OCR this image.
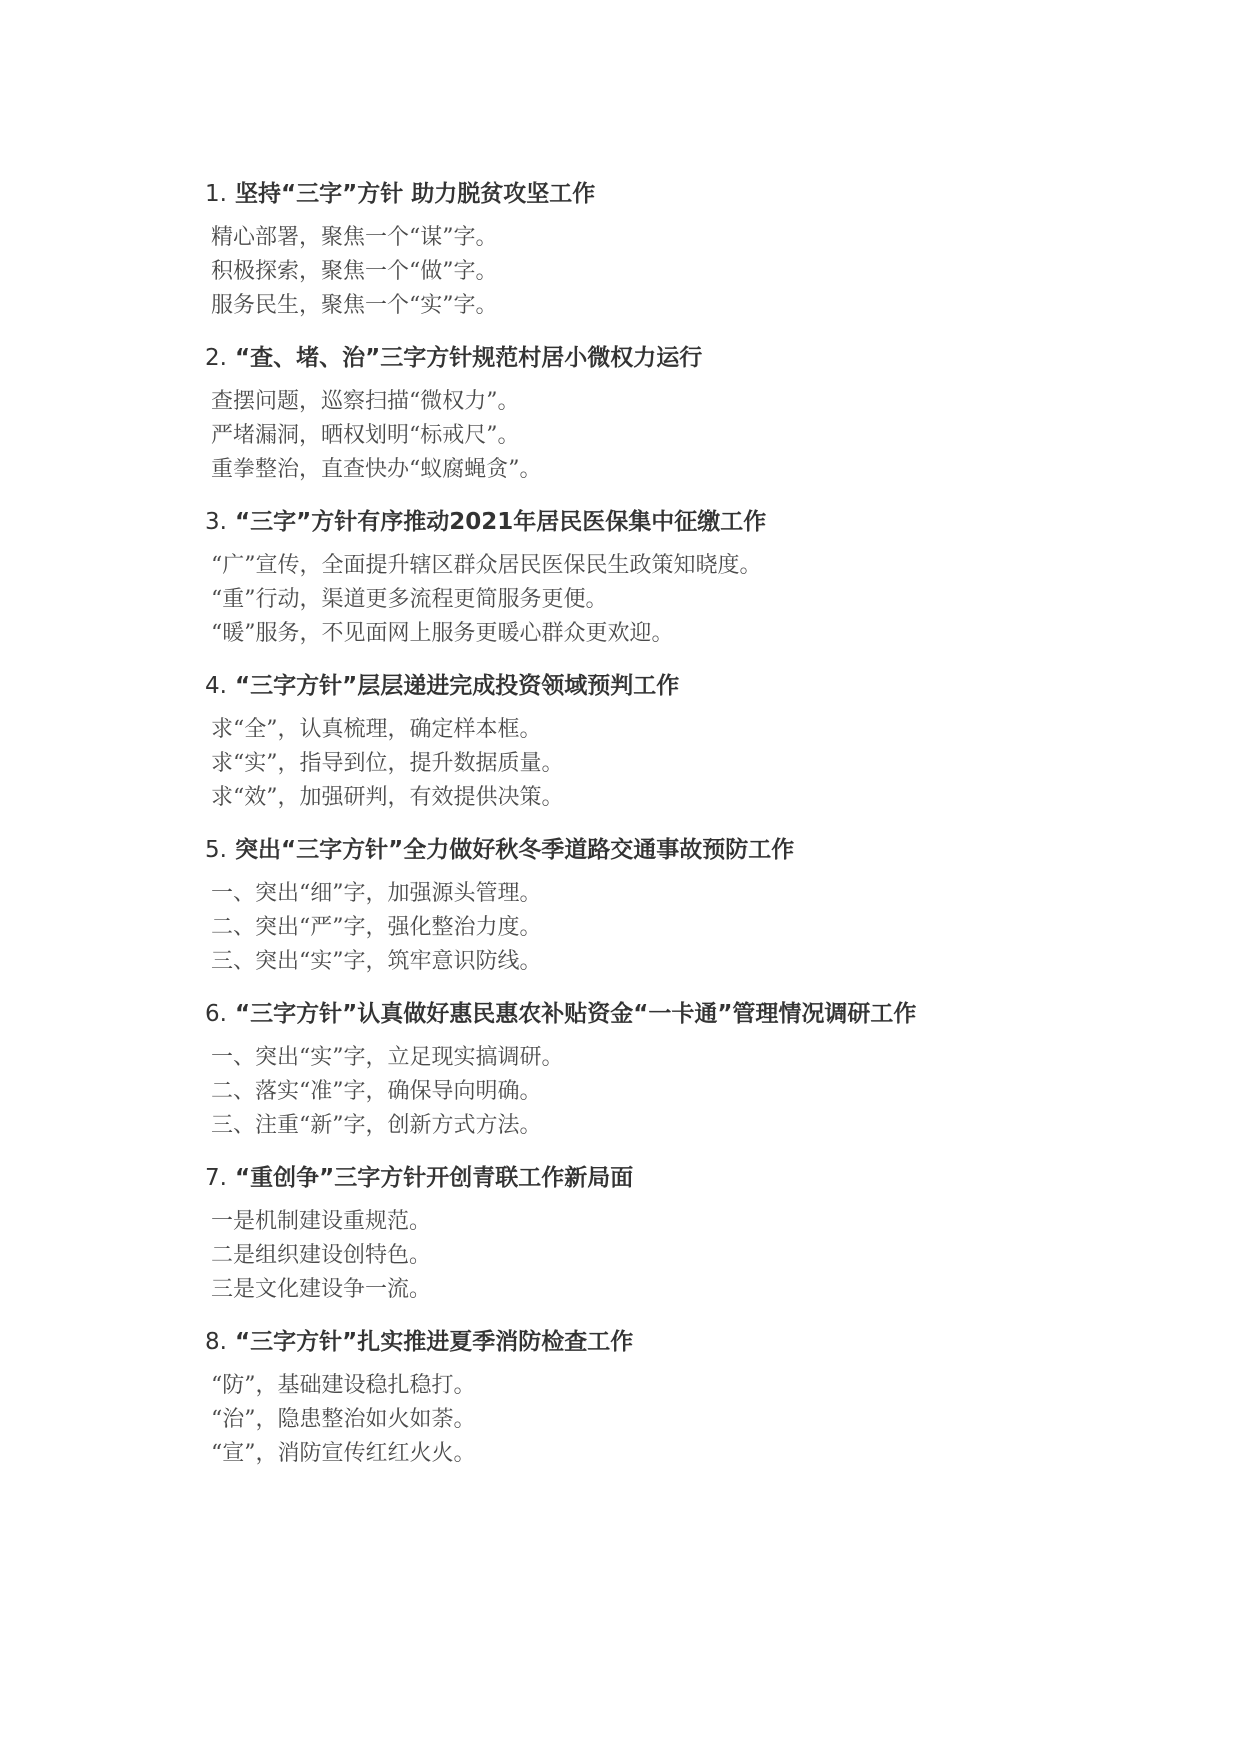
1. 坚持“三字”方针 助力脱贫攻坚工作
精心部署，聚焦一个“谋”字。
积极探索，聚焦一个“做”字。
服务民生，聚焦一个“实”字。
2. “查、堵、治”三字方针规范村居小微权力运行
查摆问题，巡察扫描“微权力”。
严堵漏洞，晒权划明“标戒尺”。
重拳整治，直查快办“蚁腐蝇贪”。
3. “三字”方针有序推动2021年居民医保集中征缴工作
“广”宣传，全面提升辖区群众居民医保民生政策知晓度。
“重”行动，渠道更多流程更简服务更便。
“暖”服务，不见面网上服务更暖心群众更欢迎。
4. “三字方针”层层递进完成投资领域预判工作
求“全”，认真梳理，确定样本框。
求“实”，指导到位，提升数据质量。
求“效”，加强研判，有效提供决策。
5. 突出“三字方针”全力做好秋冬季道路交通事故预防工作
一、突出“细”字，加强源头管理。
二、突出“严”字，强化整治力度。
三、突出“实”字，筑牢意识防线。
6. “三字方针”认真做好惠民惠农补贴资金“一卡通”管理情况调研工作
一、突出“实”字，立足现实搞调研。
二、落实“准”字，确保导向明确。
三、注重“新”字，创新方式方法。
7. “重创争”三字方针开创青联工作新局面
一是机制建设重规范。
二是组织建设创特色。
三是文化建设争一流。
8. “三字方针”扎实推进夏季消防检查工作
“防”，基础建设稳扎稳打。
“治”，隐患整治如火如荼。
“宣”，消防宣传红红火火。
